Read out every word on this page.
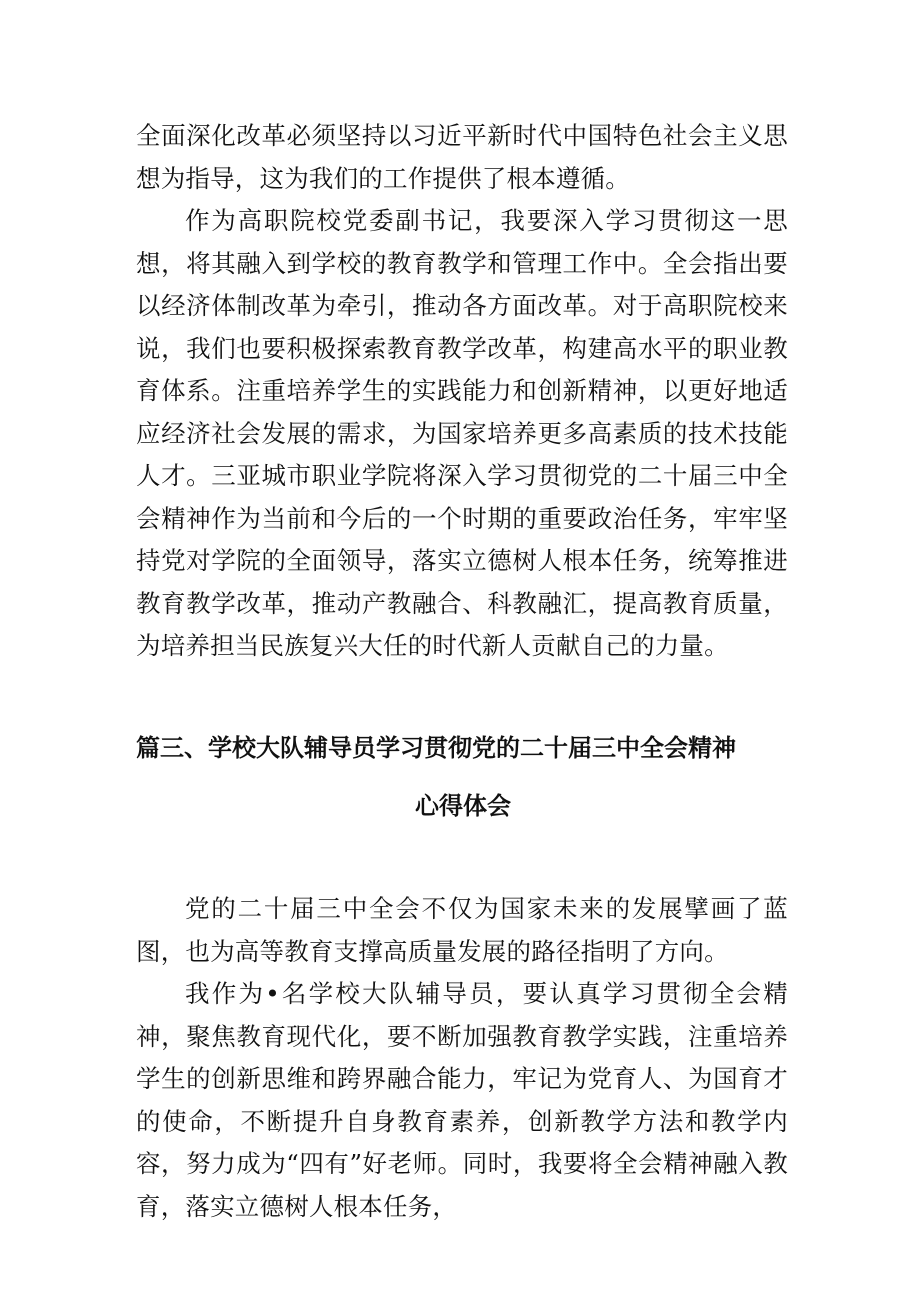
全面深化改革必须坚持以习近平新时代中国特色社会主义思想为指导，这为我们的工作提供了根本遵循。

作为高职院校党委副书记，我要深入学习贯彻这一思想，将其融入到学校的教育教学和管理工作中。全会指出要以经济体制改革为牵引，推动各方面改革。对于高职院校来说，我们也要积极探索教育教学改革，构建高水平的职业教育体系。注重培养学生的实践能力和创新精神，以更好地适应经济社会发展的需求，为国家培养更多高素质的技术技能人才。三亚城市职业学院将深入学习贯彻党的二十届三中全会精神作为当前和今后的一个时期的重要政治任务，牢牢坚持党对学院的全面领导，落实立德树人根本任务，统筹推进教育教学改革，推动产教融合、科教融汇，提高教育质量，为培养担当民族复兴大任的时代新人贡献自己的力量。

篇三、学校大队辅导员学习贯彻党的二十届三中全会精神
心得体会

党的二十届三中全会不仅为国家未来的发展擘画了蓝图，也为高等教育支撑高质量发展的路径指明了方向。

我作为•名学校大队辅导员，要认真学习贯彻全会精神，聚焦教育现代化，要不断加强教育教学实践，注重培养学生的创新思维和跨界融合能力，牢记为党育人、为国育才的使命，不断提升自身教育素养，创新教学方法和教学内容，努力成为“四有”好老师。同时，我要将全会精神融入教育，落实立德树人根本任务，
